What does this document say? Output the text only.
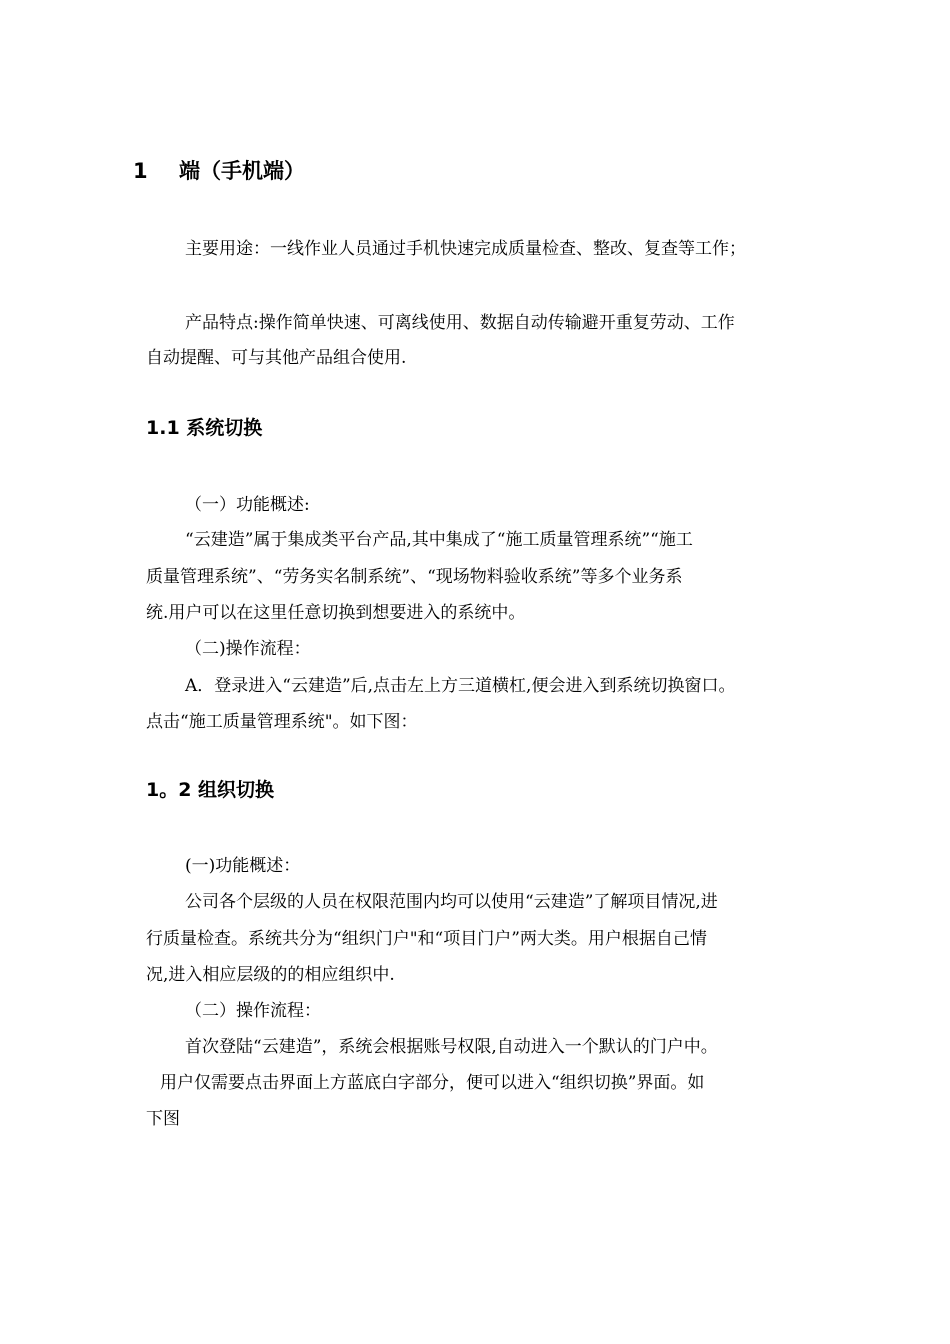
1 端（手机端）
主要用途：一线作业人员通过手机快速完成质量检查、整改、复查等工作；
产品特点:操作简单快速、可离线使用、数据自动传输避开重复劳动、工作
自动提醒、可与其他产品组合使用.
1.1 系统切换
（一）功能概述:
“云建造”属于集成类平台产品,其中集成了“施工质量管理系统”“施工
质量管理系统”、“劳务实名制系统”、“现场物料验收系统”等多个业务系
统.用户可以在这里任意切换到想要进入的系统中。
（二)操作流程：
A．登录进入“云建造”后,点击左上方三道横杠,便会进入到系统切换窗口。
点击“施工质量管理系统"。如下图：
1。2 组织切换
(一)功能概述：
公司各个层级的人员在权限范围内均可以使用“云建造”了解项目情况,进
行质量检查。系统共分为“组织门户"和“项目门户”两大类。用户根据自己情
况,进入相应层级的的相应组织中.
（二）操作流程：
首次登陆“云建造”，系统会根据账号权限,自动进入一个默认的门户中。
用户仅需要点击界面上方蓝底白字部分，便可以进入“组织切换”界面。如
下图
